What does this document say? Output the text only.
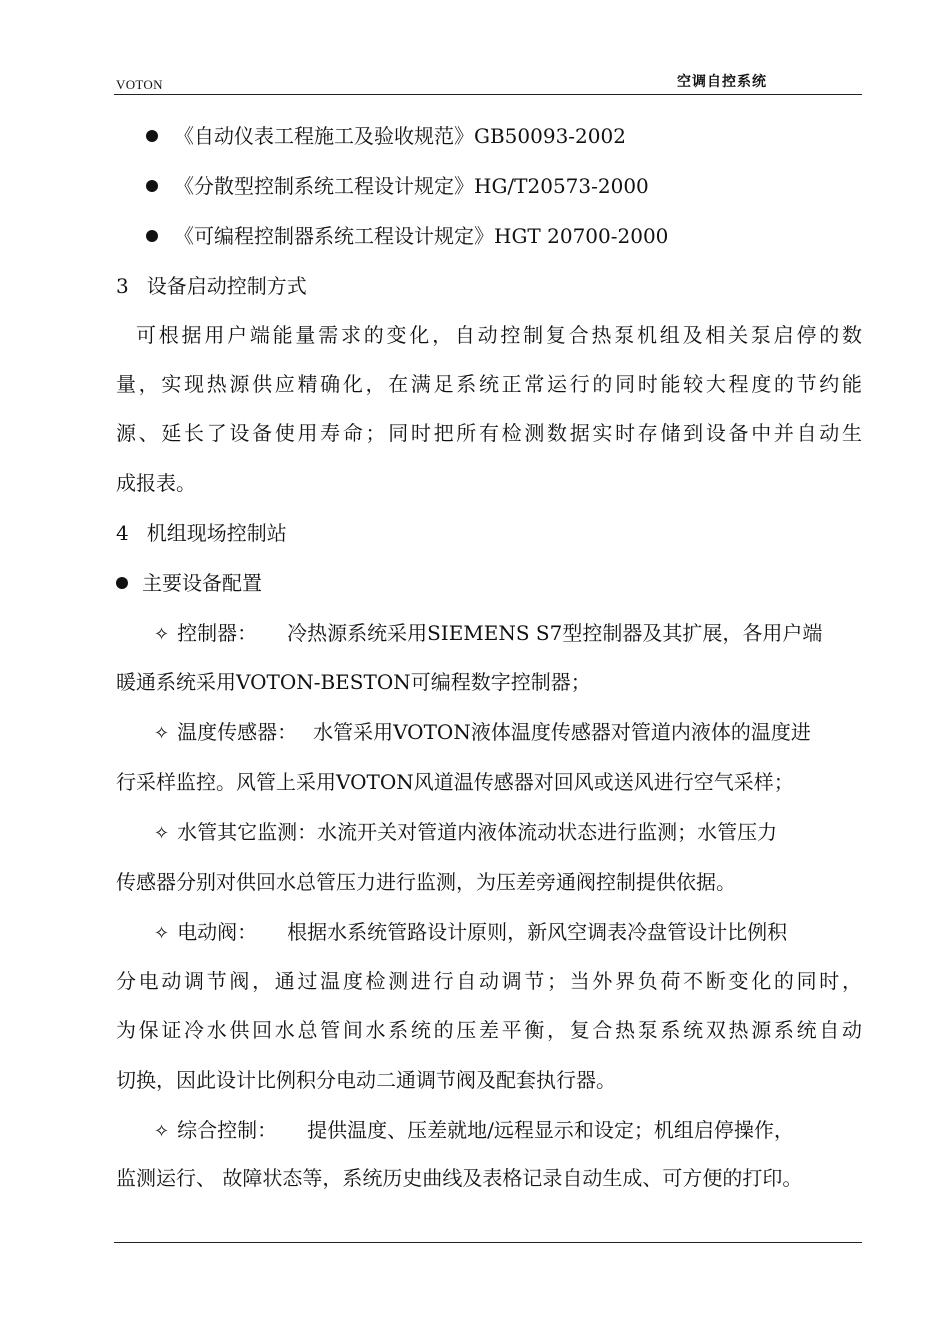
VOTON	空调自控系统
《自动仪表工程施工及验收规范》GB50093-2002
《分散型控制系统工程设计规定》HG/T20573-2000
《可编程控制器系统工程设计规定》HGT 20700-2000
3 设备启动控制方式
可根据用户端能量需求的变化，自动控制复合热泵机组及相关泵启停的数
量，实现热源供应精确化，在满足系统正常运行的同时能较大程度的节约能
源、延长了设备使用寿命；同时把所有检测数据实时存储到设备中并自动生
成报表。
4 机组现场控制站
主要设备配置
✧ 控制器： 冷热源系统采用SIEMENS S7型控制器及其扩展，各用户端
暖通系统采用VOTON-BESTON可编程数字控制器；
✧ 温度传感器： 水管采用VOTON液体温度传感器对管道内液体的温度进
行采样监控。风管上采用VOTON风道温传感器对回风或送风进行空气采样；
✧ 水管其它监测：水流开关对管道内液体流动状态进行监测；水管压力
传感器分别对供回水总管压力进行监测，为压差旁通阀控制提供依据。
✧ 电动阀： 根据水系统管路设计原则，新风空调表冷盘管设计比例积
分电动调节阀，通过温度检测进行自动调节；当外界负荷不断变化的同时，
为保证冷水供回水总管间水系统的压差平衡，复合热泵系统双热源系统自动
切换，因此设计比例积分电动二通调节阀及配套执行器。
✧ 综合控制： 提供温度、压差就地/远程显示和设定；机组启停操作，
监测运行、 故障状态等，系统历史曲线及表格记录自动生成、可方便的打印。
